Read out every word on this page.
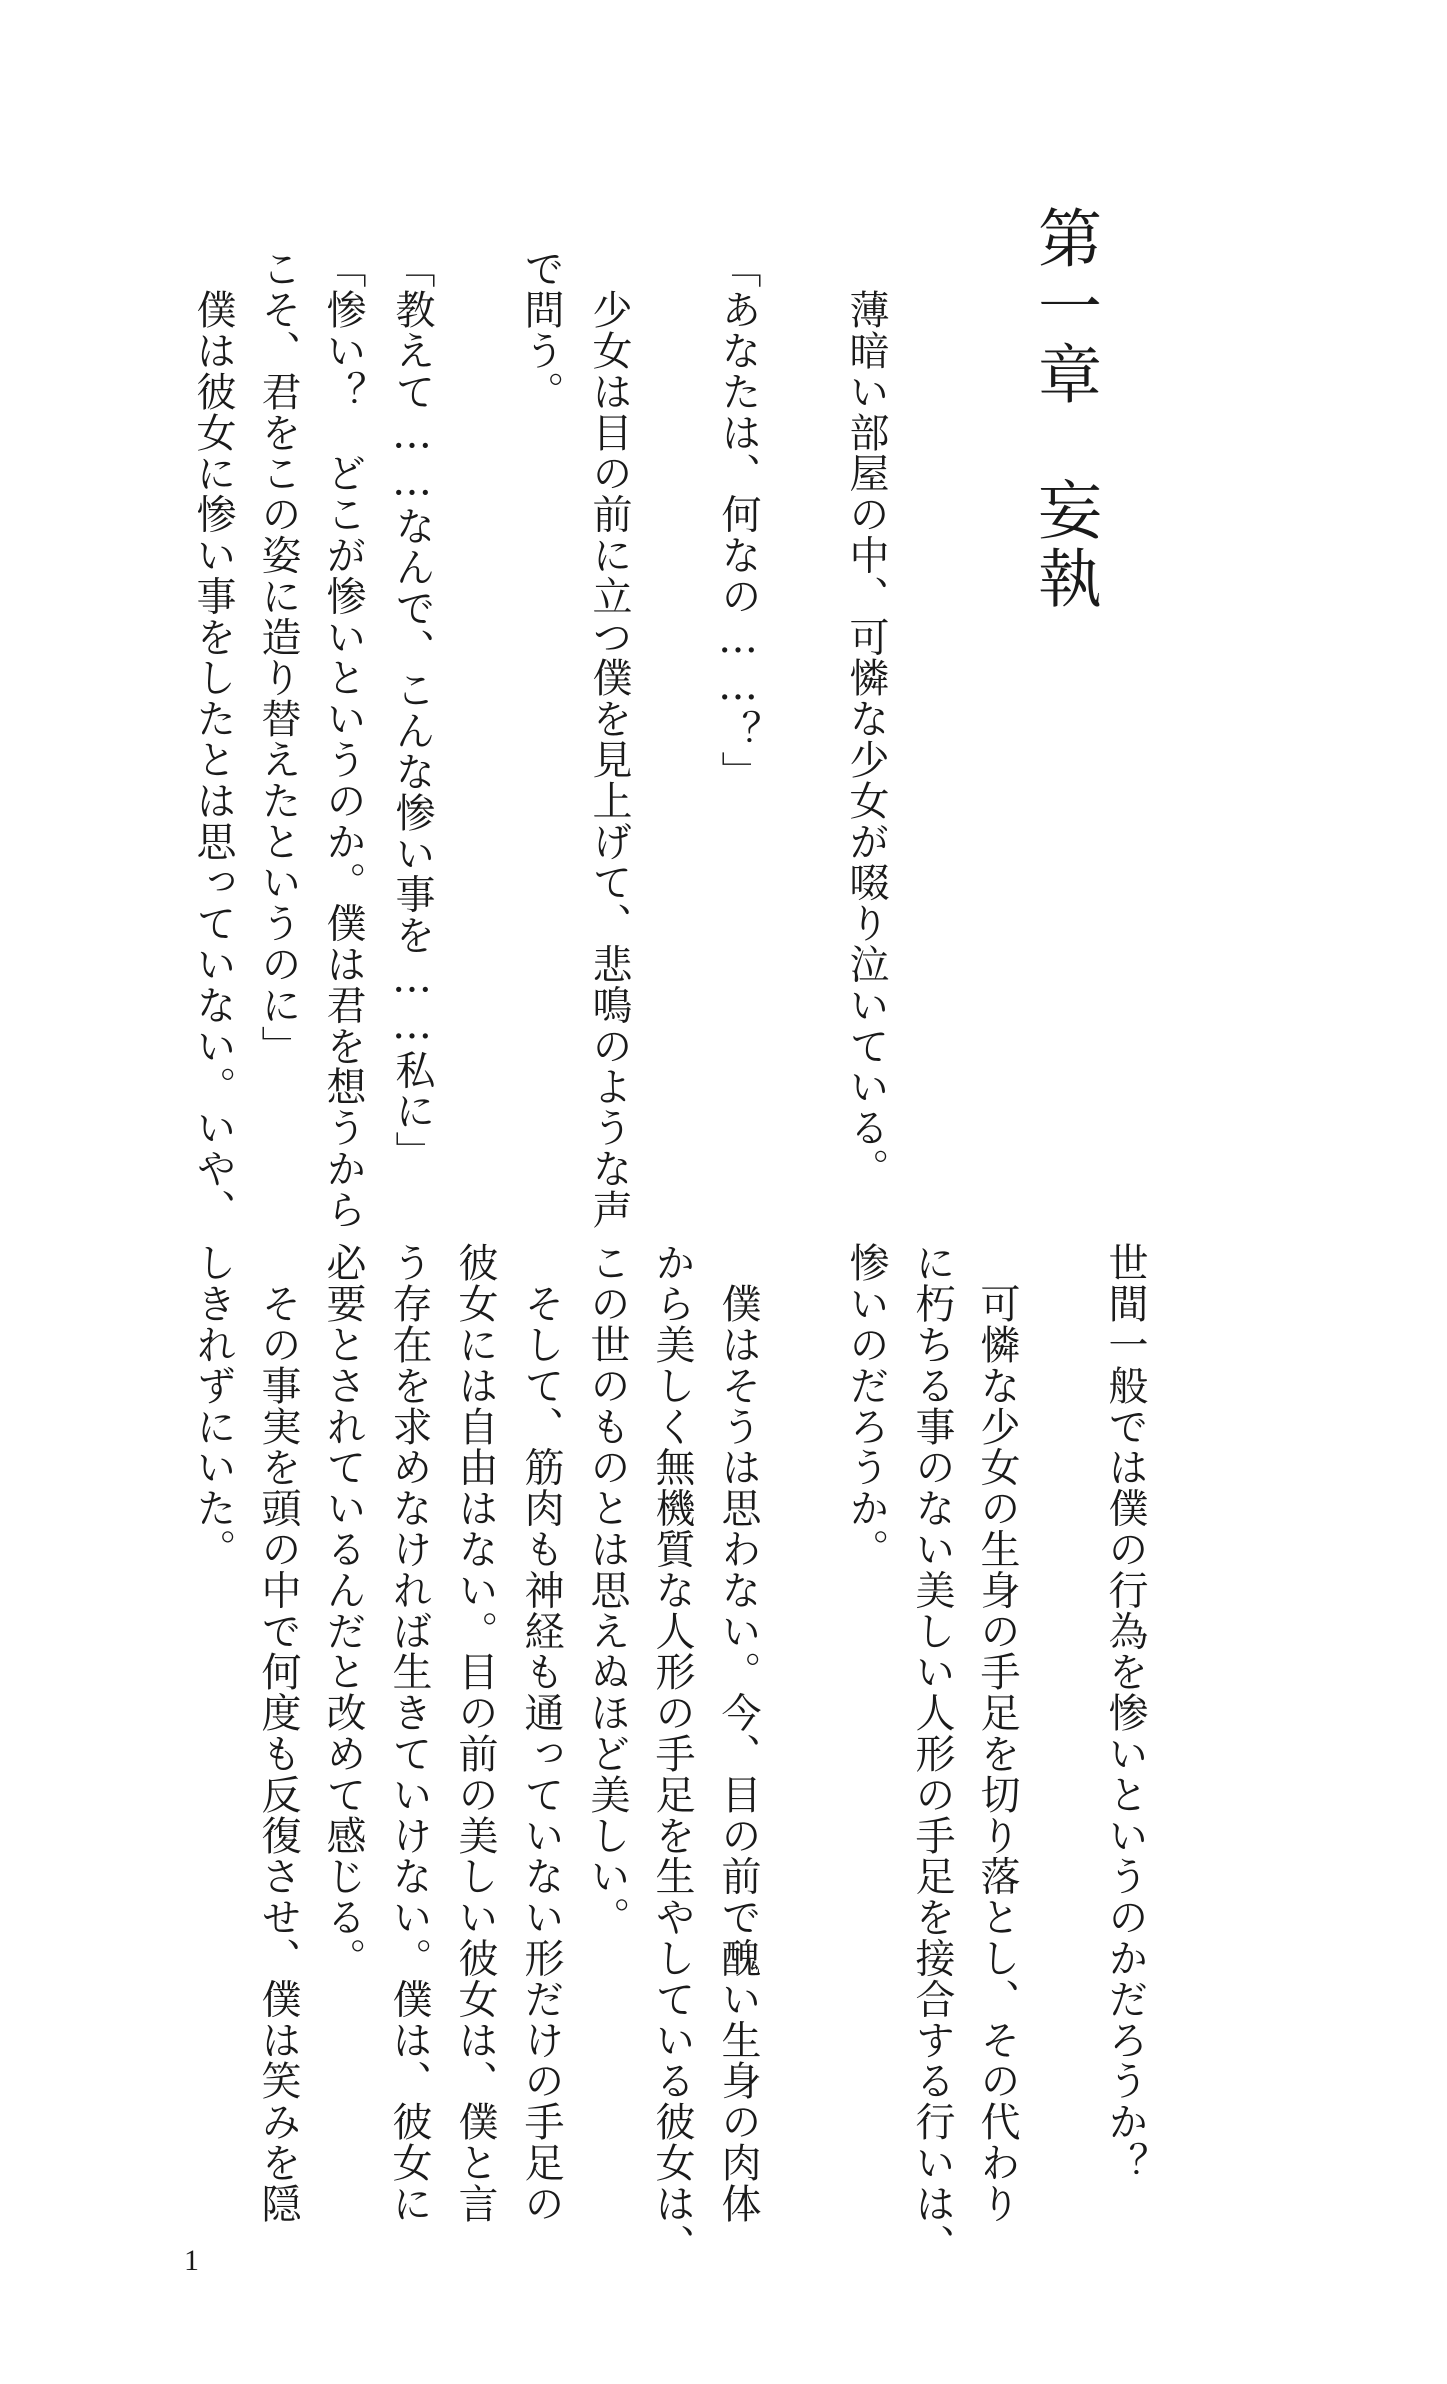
第一章　妄執
　薄暗い部屋の中、可憐な少女が啜り泣いている。
「あなたは、何なの……？」
　少女は目の前に立つ僕を見上げて、悲鳴のような声
で問う。
「教えて……なんで、こんな惨い事を……私に」
「惨い？　どこが惨いというのか。僕は君を想うから
こそ、君をこの姿に造り替えたというのに」
　僕は彼女に惨い事をしたとは思っていない。いや、
世間一般では僕の行為を惨いというのかだろうか？
　可憐な少女の生身の手足を切り落とし、その代わり
に朽ちる事のない美しい人形の手足を接合する行いは、
惨いのだろうか。
　僕はそうは思わない。今、目の前で醜い生身の肉体
から美しく無機質な人形の手足を生やしている彼女は、
この世のものとは思えぬほど美しい。
　そして、筋肉も神経も通っていない形だけの手足の
彼女には自由はない。目の前の美しい彼女は、僕と言
う存在を求めなければ生きていけない。僕は、彼女に
必要とされているんだと改めて感じる。
　その事実を頭の中で何度も反復させ、僕は笑みを隠
しきれずにいた。
1
